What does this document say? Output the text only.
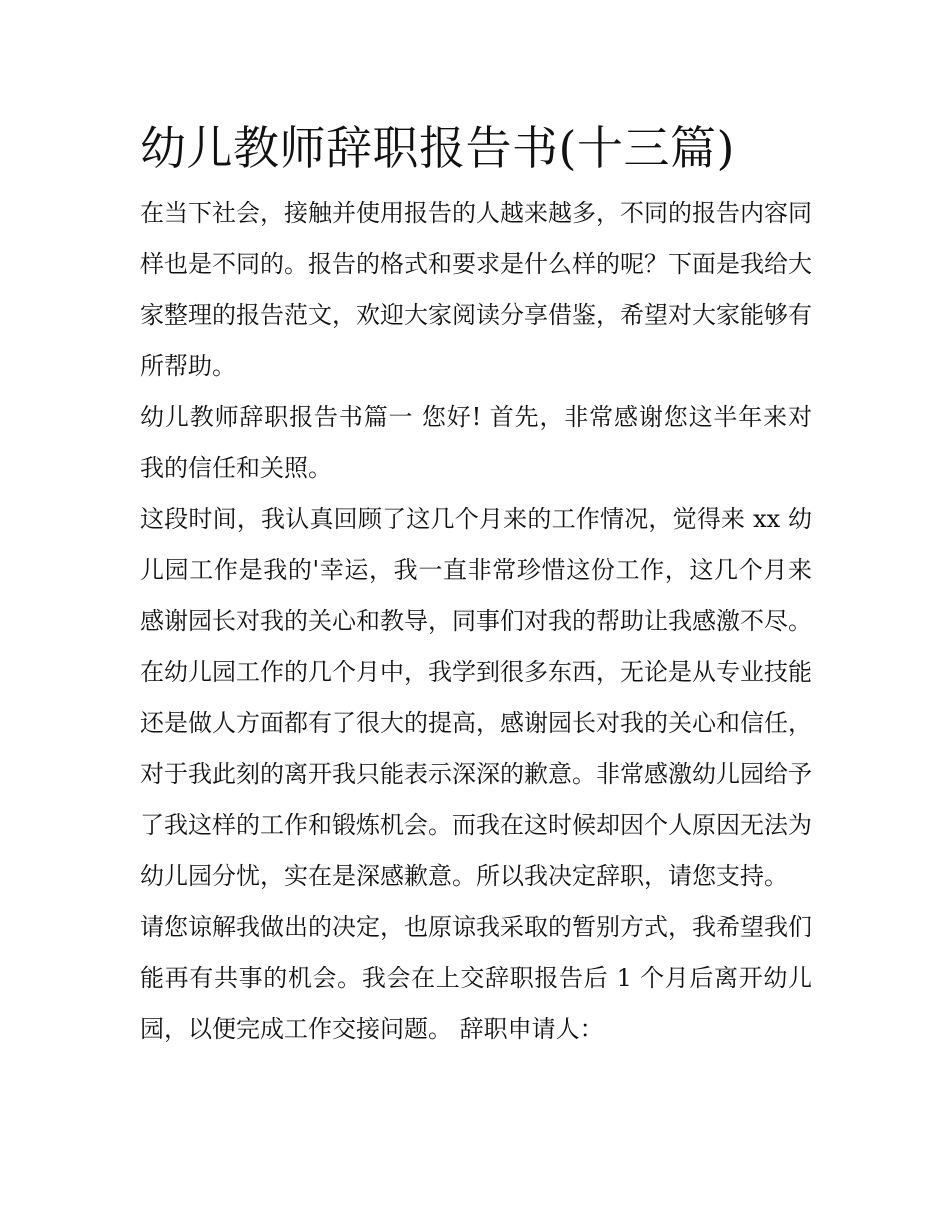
幼儿教师辞职报告书(十三篇)

在当下社会，接触并使用报告的人越来越多，不同的报告内容同样也是不同的。报告的格式和要求是什么样的呢？下面是我给大家整理的报告范文，欢迎大家阅读分享借鉴，希望对大家能够有所帮助。

幼儿教师辞职报告书篇一 您好! 首先，非常感谢您这半年来对我的信任和关照。

这段时间，我认真回顾了这几个月来的工作情况，觉得来 xx 幼儿园工作是我的'幸运，我一直非常珍惜这份工作，这几个月来感谢园长对我的关心和教导，同事们对我的帮助让我感激不尽。在幼儿园工作的几个月中，我学到很多东西，无论是从专业技能还是做人方面都有了很大的提高，感谢园长对我的关心和信任，对于我此刻的离开我只能表示深深的歉意。非常感激幼儿园给予了我这样的工作和锻炼机会。而我在这时候却因个人原因无法为幼儿园分忧，实在是深感歉意。所以我决定辞职，请您支持。

请您谅解我做出的决定，也原谅我采取的暂别方式，我希望我们能再有共事的机会。我会在上交辞职报告后 1 个月后离开幼儿园，以便完成工作交接问题。 辞职申请人：
